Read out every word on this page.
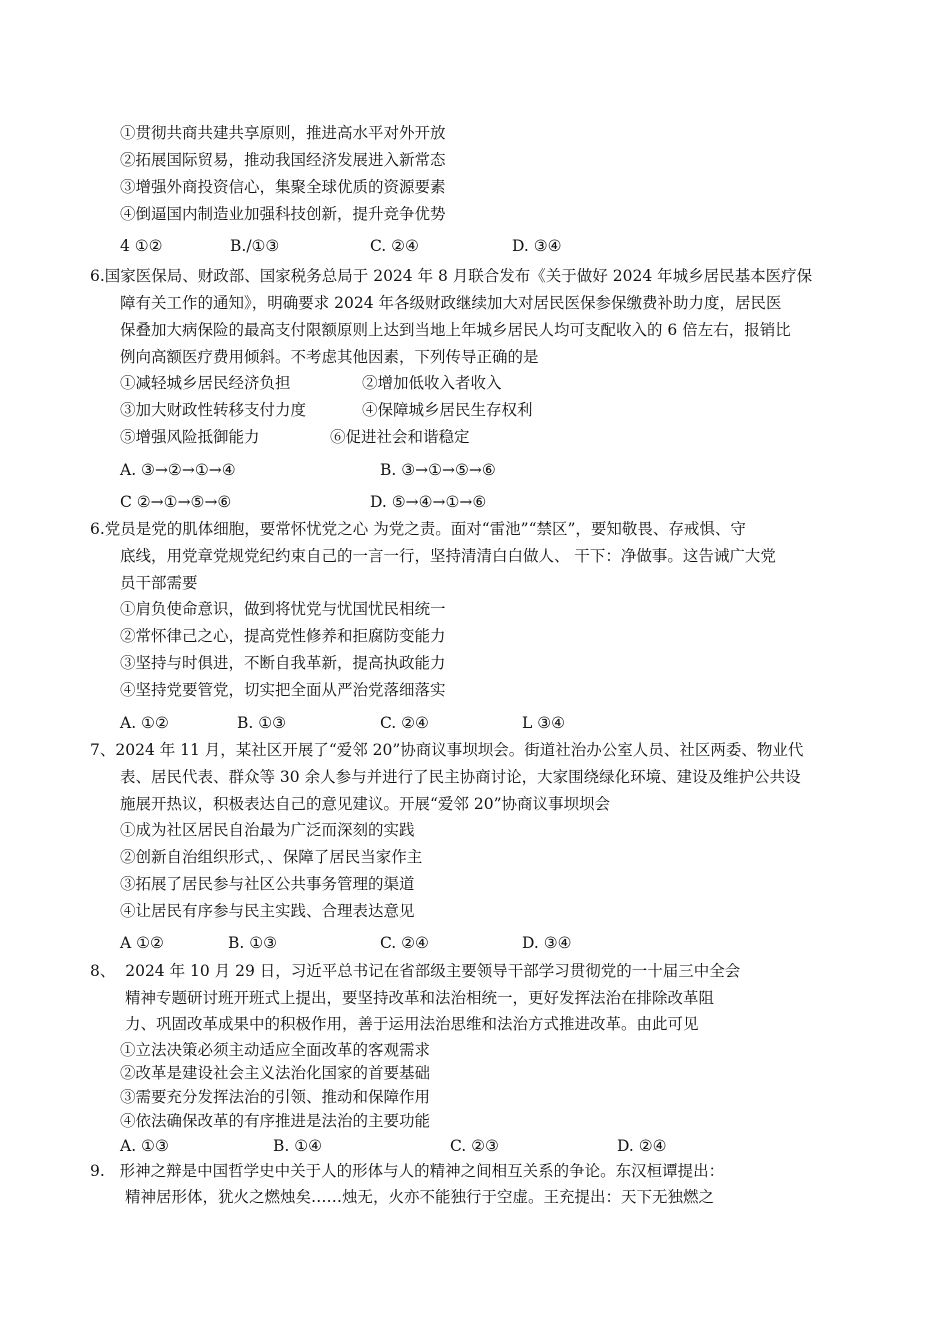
①贯彻共商共建共享原则，推进高水平对外开放
②拓展国际贸易，推动我国经济发展进入新常态
③增强外商投资信心，集聚全球优质的资源要素
④倒逼国内制造业加强科技创新，提升竞争优势

4 ①②

	B./①③

	C. ②④

	D. ③④

6.国家医保局、财政部、国家税务总局于 2024 年 8 月联合发布《关于做好 2024 年城乡居民基本医疗保
障有关工作的通知》，明确要求 2024 年各级财政继续加大对居民医保参保缴费补助力度，居民医
保叠加大病保险的最高支付限额原则上达到当地上年城乡居民人均可支配收入的 6 倍左右，报销比
例向高额医疗费用倾斜。不考虑其他因素，下列传导正确的是
①减轻城乡居民经济负担	②增加低收入者收入
③加大财政性转移支付力度	④保障城乡居民生存权利
⑤增强风险抵御能力	⑥促进社会和谐稳定
A. ③→②→①→④	B. ③→①→⑤→⑥
C ②→①→⑤→⑥	D. ⑤→④→①→⑥
6.党员是党的肌体细胞，要常怀忧党之心 为党之责。面对“雷池”“禁区”，要知敬畏、存戒惧、守
底线，用党章党规党纪约束自己的一言一行，坚持清清白白做人、 干下：净做事。这告诫广大党
员干部需要
①肩负使命意识，做到将忧党与忧国忧民相统一
②常怀律己之心，提高党性修养和拒腐防变能力
③坚持与时俱进，不断自我革新，提高执政能力
④坚持党要管党，切实把全面从严治党落细落实

A. ①②

	B. ①③

	C. ②④

	L ③④

7、2024 年 11 月，某社区开展了“爱邻 20”协商议事坝坝会。街道社治办公室人员、社区两委、物业代
表、居民代表、群众等 30 余人参与并进行了民主协商讨论，大家围绕绿化环境、建设及维护公共设
施展开热议，积极表达自己的意见建议。开展“爱邻 20”协商议事坝坝会
①成为社区居民自治最为广泛而深刻的实践
②创新自治组织形式，、保障了居民当家作主
③拓展了居民参与社区公共事务管理的渠道
④让居民有序参与民主实践、合理表达意见

A ①②

	B. ①③

	C. ②④

	D. ③④

8、  2024 年 10 月 29 日，习近平总书记在省部级主要领导干部学习贯彻党的一十届三中全会
精神专题研讨班开班式上提出，要坚持改革和法治相统一，更好发挥法治在排除改革阻
力、巩固改革成果中的积极作用，善于运用法治思维和法治方式推进改革。由此可见
①立法决策必须主动适应全面改革的客观需求
②改革是建设社会主义法治化国家的首要基础
③需要充分发挥法治的引领、推动和保障作用
④依法确保改革的有序推进是法治的主要功能

A. ①③

	B. ①④

	C. ②③

	D. ②④

9.   形神之辩是中国哲学史中关于人的形体与人的精神之间相互关系的争论。东汉桓谭提出：
精神居形体，犹火之燃烛矣……烛无，火亦不能独行于空虚。王充提出：天下无独燃之
